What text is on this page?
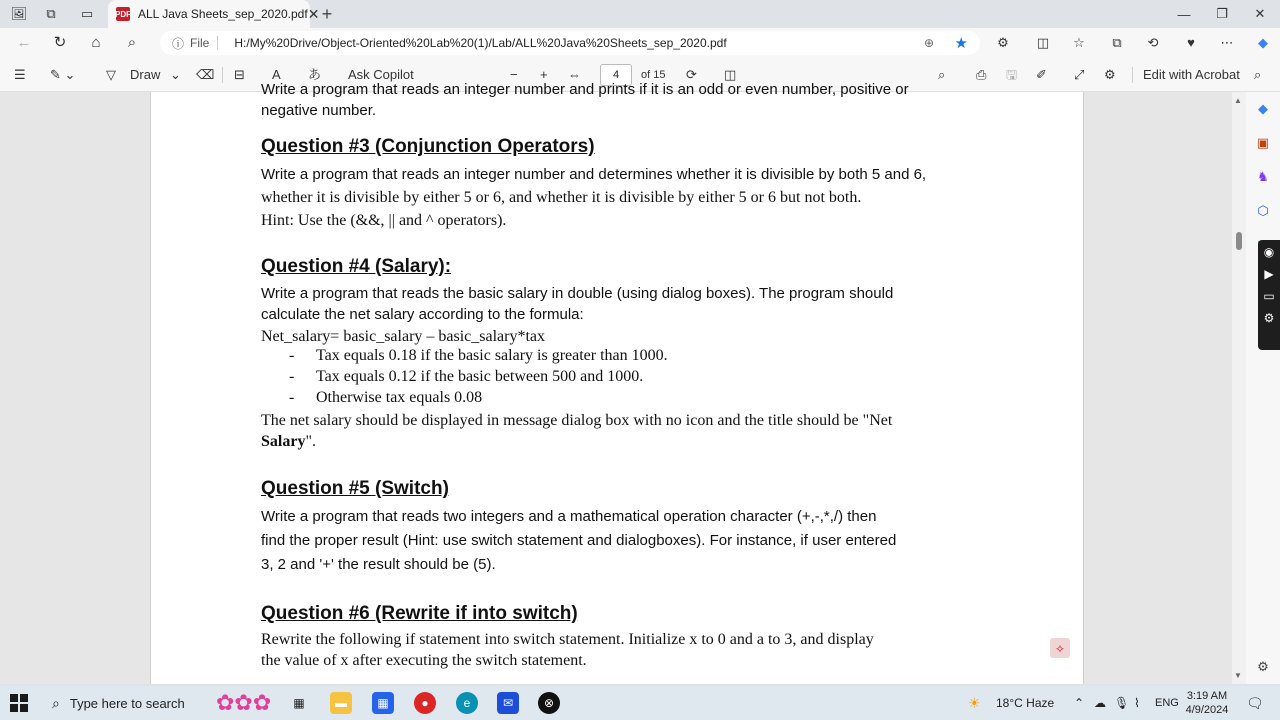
🖼	⧉	▭	PDF ALL Java Sheets_sep_2020.pdf ✕ +	—	❐	✕
←	↻	⌂	⌕	ⓘ File	H:/My%20Drive/Object-Oriented%20Lab%20(1)/Lab/ALL%20Java%20Sheets_sep_2020.pdf	⊕ ★	⚙	◫	☆	⧉	⟲	♥	⋯	◆
☰ ✎ ⌄ ▽ Draw ⌄ ⌫ ⊟ A あ Ask Copilot	− + ⇔	4	of 15 ⟳ ◫	⌕ ⎙ 🖫 ✐ ⤢ ⚙ Edit with Acrobat ⌕
Write a program that reads an integer number and prints if it is an odd or even number, positive or
negative number.
Question #3 (Conjunction Operators)
Write a program that reads an integer number and determines whether it is divisible by both 5 and 6,
whether it is divisible by either 5 or 6, and whether it is divisible by either 5 or 6 but not both.
Hint: Use the (&&, || and ^ operators).
Question #4 (Salary):
Write a program that reads the basic salary in double (using dialog boxes). The program should
calculate the net salary according to the formula:
Net_salary= basic_salary – basic_salary*tax
- Tax equals 0.18 if the basic salary is greater than 1000.
- Tax equals 0.12 if the basic between 500 and 1000.
- Otherwise tax equals 0.08
The net salary should be displayed in message dialog box with no icon and the title should be "Net
Salary".
Question #5 (Switch)
Write a program that reads two integers and a mathematical operation character (+,-,*,/) then
find the proper result (Hint: use switch statement and dialogboxes). For instance, if user entered
3, 2 and '+' the result should be (5).
Question #6 (Rewrite if into switch)
Rewrite the following if statement into switch statement. Initialize x to 0 and a to 3, and display
the value of x after executing the switch statement.
⟡
▲
▼
◆
▣
♞
⬡
⚙
◉
▶
▭
⚙
⌕ Type here to search ✿✿✿	▦	▬	▦	●	e	✉	⊗	☀ 18°C Haze ⌃ ☁ 🎙 ⌇ ENG
3:19 AM
4/9/2024	🗨
